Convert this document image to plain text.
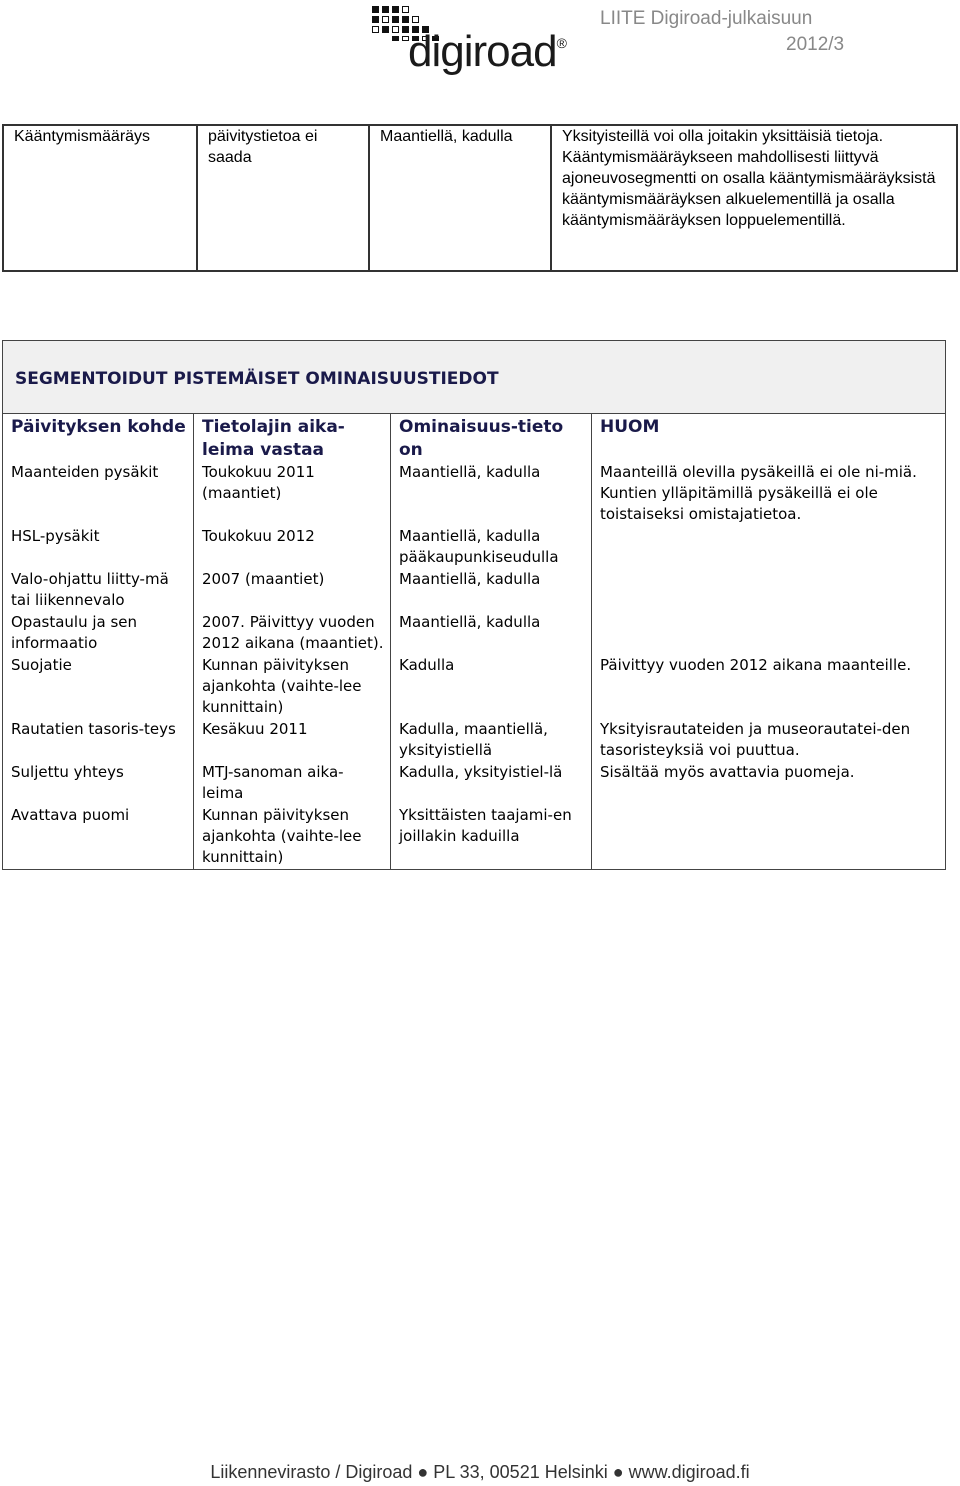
digiroad®
LIITE Digiroad-julkaisuun
2012/3
Kääntymismääräys	päivitystietoa ei saada	Maantiellä, kadulla	Yksityisteillä voi olla joitakin yksittäisiä tietoja. Kääntymismääräykseen mahdollisesti liittyvä ajoneuvosegmentti on osalla kääntymismääräyksistä kääntymismääräyksen alkuelementillä ja osalla kääntymismääräyksen loppuelementillä.
SEGMENTOIDUT PISTEMÄISET OMINAISUUSTIEDOT
Päivityksen kohde	Tietolajin aika-leima vastaa	Ominaisuus-tieto on	HUOM
Maanteiden pysäkit	Toukokuu 2011 (maantiet)	Maantiellä, kadulla	Maanteillä olevilla pysäkeillä ei ole ni-miä. Kuntien ylläpitämillä pysäkeillä ei ole toistaiseksi omistajatietoa.
HSL-pysäkit	Toukokuu 2012	Maantiellä, kadulla pääkaupunkiseudulla	
Valo-ohjattu liitty-mä tai liikennevalo	2007 (maantiet)	Maantiellä, kadulla	
Opastaulu ja sen informaatio	2007. Päivittyy vuoden 2012 aikana (maantiet).	Maantiellä, kadulla	
Suojatie	Kunnan päivityksen ajankohta (vaihte-lee kunnittain)	Kadulla	Päivittyy vuoden 2012 aikana maanteille.
Rautatien tasoris-teys	Kesäkuu 2011	Kadulla, maantiellä, yksityistiellä	Yksityisrautateiden ja museorautatei-den tasoristeyksiä voi puuttua.
Suljettu yhteys	MTJ-sanoman aika-leima	Kadulla, yksityistiel-lä	Sisältää myös avattavia puomeja.
Avattava puomi	Kunnan päivityksen ajankohta (vaihte-lee kunnittain)	Yksittäisten taajami-en joillakin kaduilla	
Liikennevirasto / Digiroad ● PL 33, 00521 Helsinki ● www.digiroad.fi
